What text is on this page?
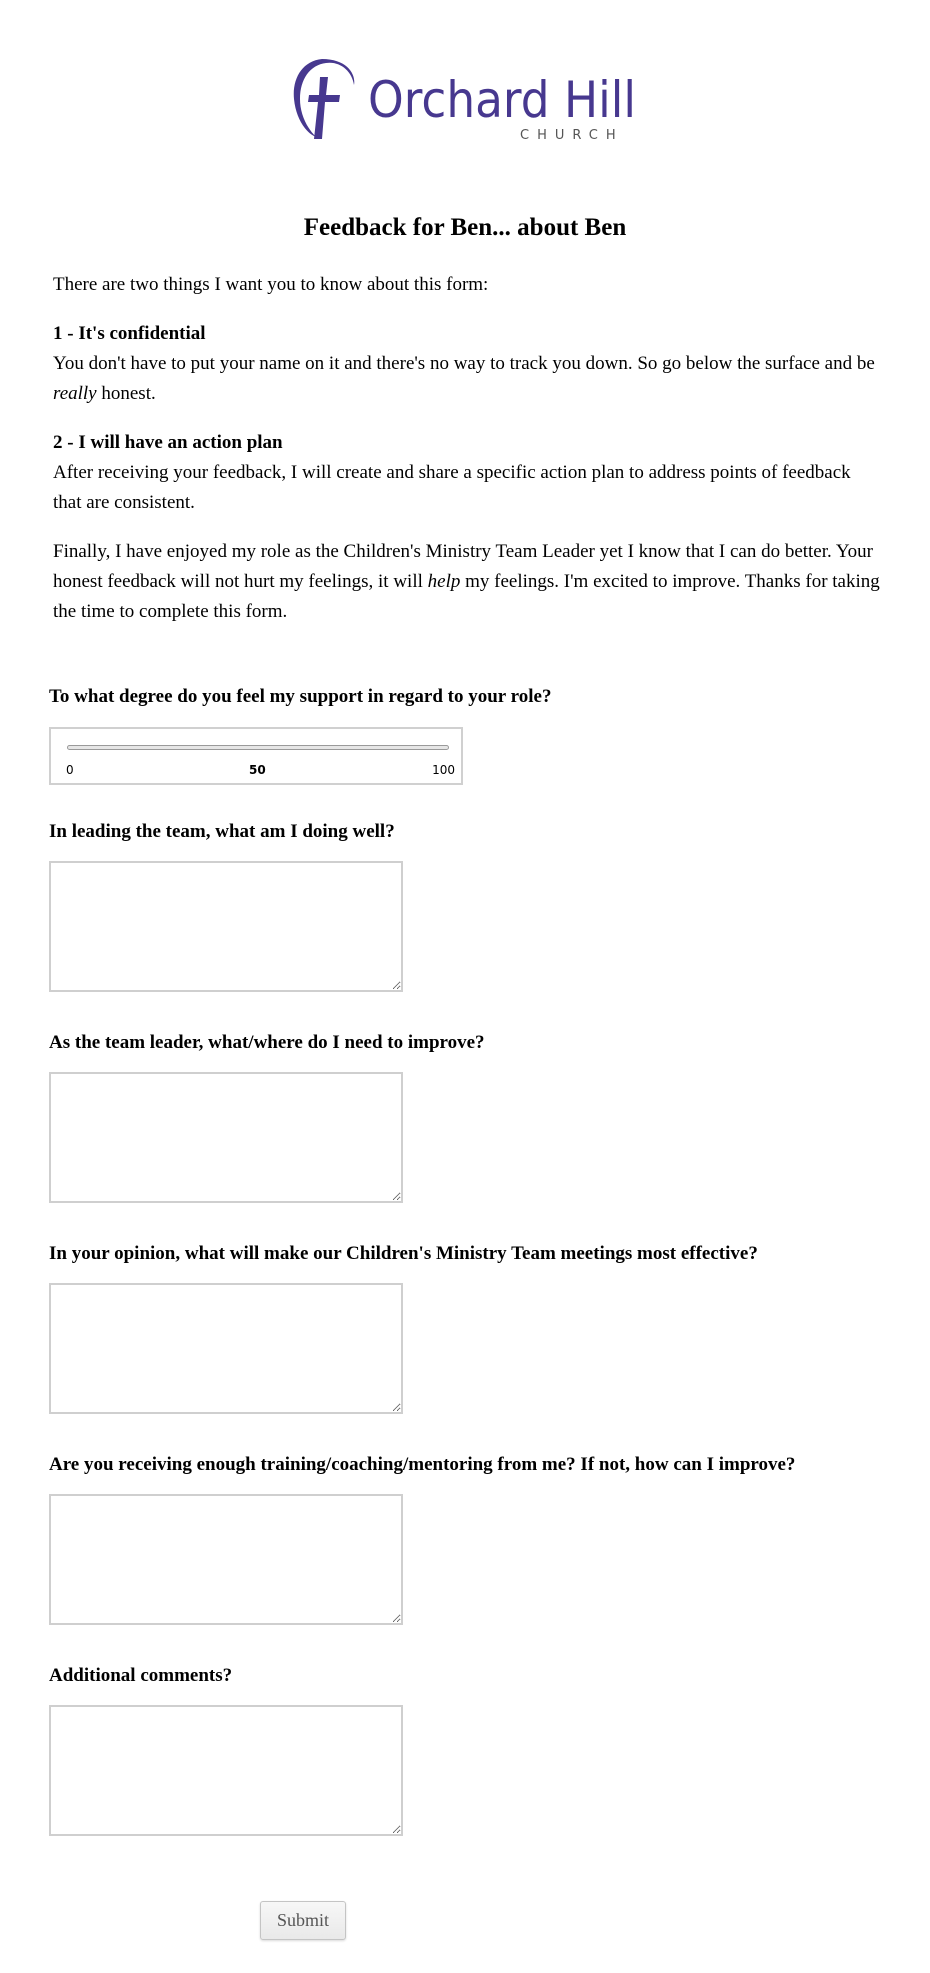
Orchard Hill
CHURCH
Feedback for Ben... about Ben

There are two things I want you to know about this form:

1 - It's confidential

You don't have to put your name on it and there's no way to track you down. So go below the surface and be really honest.

2 - I will have an action plan

After receiving your feedback, I will create and share a specific action plan to address points of feedback that are consistent.

Finally, I have enjoyed my role as the Children's Ministry Team Leader yet I know that I can do better. Your honest feedback will not hurt my feelings, it will help my feelings. I'm excited to improve. Thanks for taking the time to complete this form.

To what degree do you feel my support in regard to your role?

0	50	100

In leading the team, what am I doing well?

As the team leader, what/where do I need to improve?

In your opinion, what will make our Children's Ministry Team meetings most effective?

Are you receiving enough training/coaching/mentoring from me? If not, how can I improve?

Additional comments?

Submit
